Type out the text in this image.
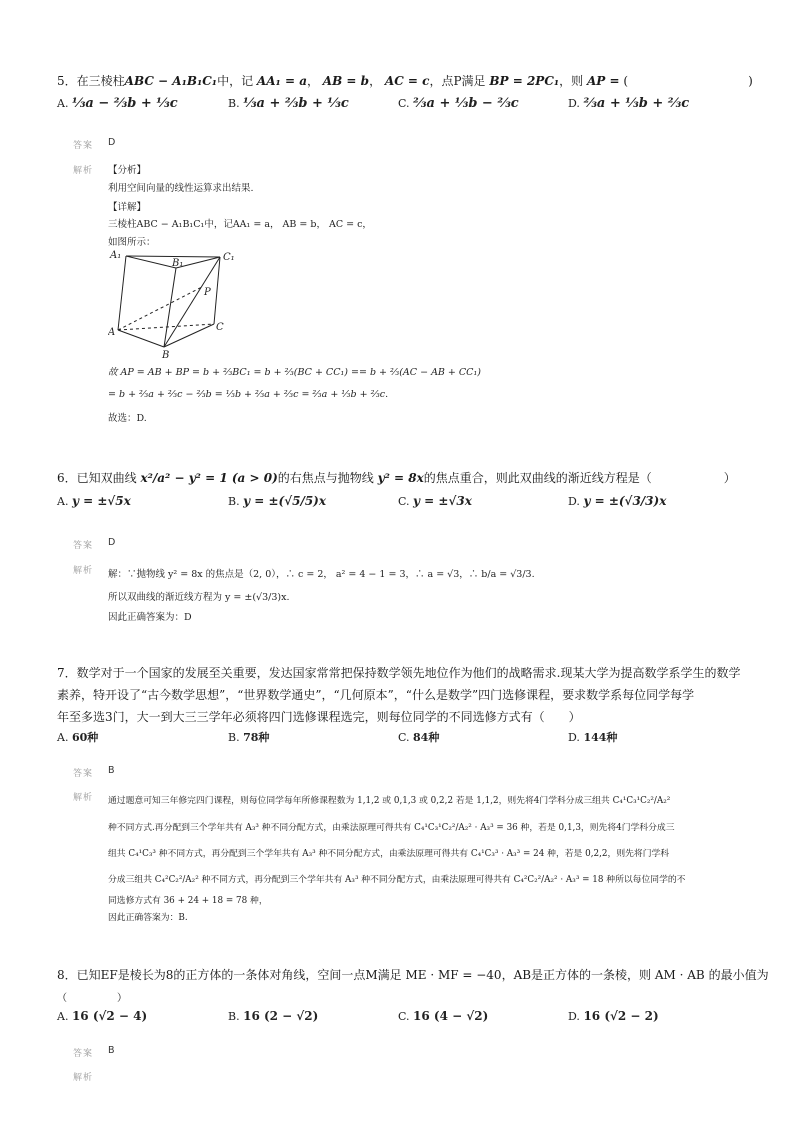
5．在三棱柱ABC − A₁B₁C₁中，记 AA₁ = a， AB = b， AC = c，点P满足 BP = 2PC₁，则 AP = (　　　　　　　　　　)
A. ⅓a − ⅔b + ⅓c	B. ⅓a + ⅔b + ⅓c	C. ⅔a + ⅓b − ⅔c	D. ⅔a + ⅓b + ⅔c
答案 D
解析 【分析】
利用空间向量的线性运算求出结果.
【详解】
三棱柱ABC − A₁B₁C₁中，记AA₁ = a， AB = b， AC = c，
如图所示：
A₁
B₁
C₁
P
A
B
C
故 AP = AB + BP = b + ⅔BC₁ = b + ⅔(BC + CC₁) == b + ⅔(AC − AB + CC₁)
= b + ⅔a + ⅔c − ⅔b = ⅓b + ⅔a + ⅔c = ⅔a + ⅓b + ⅔c.
故选：D.
6．已知双曲线 x²/a² − y² = 1 (a > 0)的右焦点与抛物线 y² = 8x的焦点重合，则此双曲线的渐近线方程是（　　　　　　）
A. y = ±√5x	B. y = ±(√5/5)x	C. y = ±√3x	D. y = ±(√3/3)x
答案 D
解析 解：∵抛物线 y² = 8x 的焦点是（2, 0），∴ c = 2， a² = 4 − 1 = 3，∴ a = √3，∴ b/a = √3/3.
所以双曲线的渐近线方程为 y = ±(√3/3)x.
因此正确答案为：D
7．数学对于一个国家的发展至关重要，发达国家常常把保持数学领先地位作为他们的战略需求.现某大学为提高数学系学生的数学
素养，特开设了“古今数学思想”，“世界数学通史”，“几何原本”，“什么是数学”四门选修课程，要求数学系每位同学每学
年至多选3门，大一到大三三学年必须将四门选修课程选完，则每位同学的不同选修方式有（　　）
A. 60种	B. 78种	C. 84种	D. 144种
答案 B
解析 通过题意可知三年修完四门课程，则每位同学每年所修课程数为 1,1,2 或 0,1,3 或 0,2,2 若是 1,1,2，则先将4门学科分成三组共 C₄¹C₃¹C₂²/A₂²
种不同方式.再分配到三个学年共有 A₃³ 种不同分配方式，由乘法原理可得共有 C₄¹C₃¹C₂²/A₂² · A₃³ = 36 种，若是 0,1,3，则先将4门学科分成三
组共 C₄¹C₃³ 种不同方式，再分配到三个学年共有 A₃³ 种不同分配方式，由乘法原理可得共有 C₄¹C₃³ · A₃³ = 24 种，若是 0,2,2，则先将门学科
分成三组共 C₄²C₂²/A₂² 种不同方式，再分配到三个学年共有 A₃³ 种不同分配方式，由乘法原理可得共有 C₄²C₂²/A₂² · A₃³ = 18 种所以每位同学的不
同选修方式有 36 + 24 + 18 = 78 种，
因此正确答案为：B.
8．已知EF是棱长为8的正方体的一条体对角线，空间一点M满足 ME · MF = −40，AB是正方体的一条棱，则 AM · AB 的最小值为
（　　　　　）
A. 16 (√2 − 4)	B. 16 (2 − √2)	C. 16 (4 − √2)	D. 16 (√2 − 2)
答案 B
解析
